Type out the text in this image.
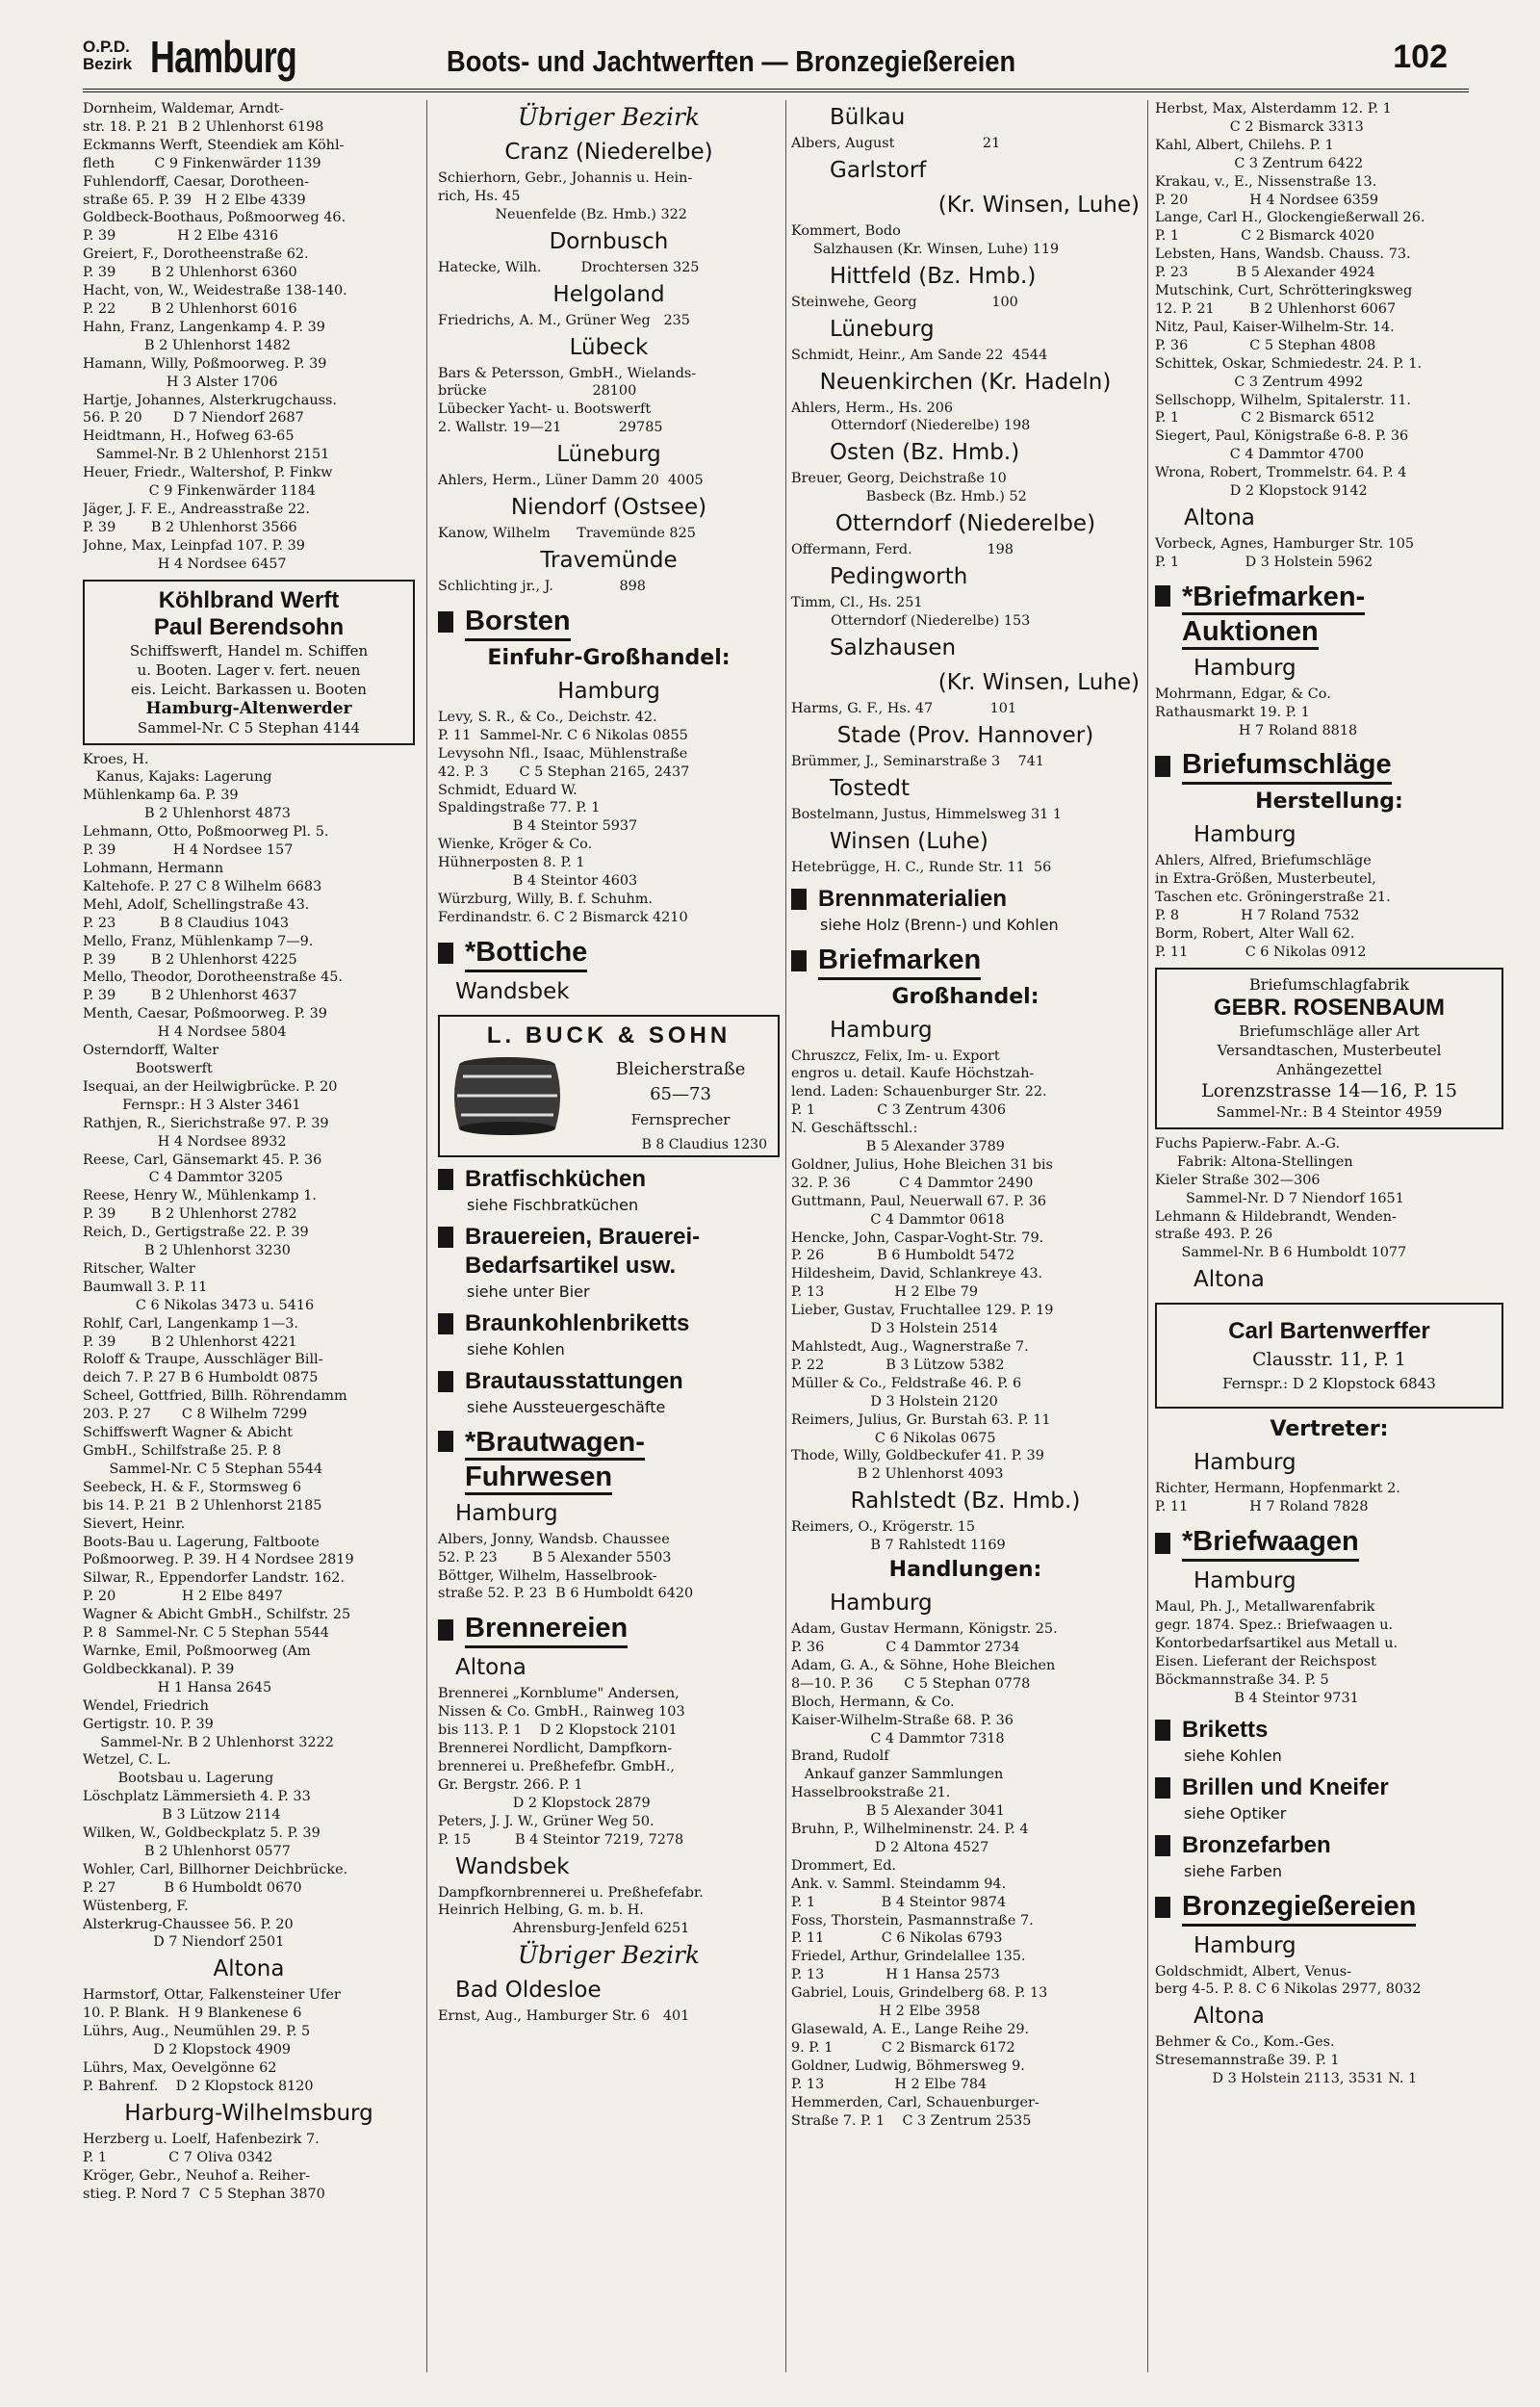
O.P.D.
Bezirk Hamburg	Boots- und Jachtwerften — Bronzegießereien	102
Dornheim, Waldemar, Arndt-
str. 18. P. 21  B 2 Uhlenhorst 6198
Eckmanns Werft, Steendiek am Köhl-
fleth         C 9 Finkenwärder 1139
Fuhlendorff, Caesar, Dorotheen-
straße 65. P. 39   H 2 Elbe 4339
Goldbeck-Boothaus, Poßmoorweg 46.
P. 39              H 2 Elbe 4316
Greiert, F., Dorotheenstraße 62.
P. 39        B 2 Uhlenhorst 6360
Hacht, von, W., Weidestraße 138-140.
P. 22        B 2 Uhlenhorst 6016
Hahn, Franz, Langenkamp 4. P. 39
B 2 Uhlenhorst 1482
Hamann, Willy, Poßmoorweg. P. 39
H 3 Alster 1706
Hartje, Johannes, Alsterkrugchauss.
56. P. 20       D 7 Niendorf 2687
Heidtmann, H., Hofweg 63-65
Sammel-Nr. B 2 Uhlenhorst 2151
Heuer, Friedr., Waltershof, P. Finkw
C 9 Finkenwärder 1184
Jäger, J. F. E., Andreasstraße 22.
P. 39        B 2 Uhlenhorst 3566
Johne, Max, Leinpfad 107. P. 39
H 4 Nordsee 6457
Köhlbrand Werft
Paul Berendsohn
Schiffswerft, Handel m. Schiffen
u. Booten. Lager v. fert. neuen
eis. Leicht. Barkassen u. Booten
Hamburg-Altenwerder
Sammel-Nr. C 5 Stephan 4144
Kroes, H.
Kanus, Kajaks: Lagerung
Mühlenkamp 6a. P. 39
B 2 Uhlenhorst 4873
Lehmann, Otto, Poßmoorweg Pl. 5.
P. 39             H 4 Nordsee 157
Lohmann, Hermann
Kaltehofe. P. 27 C 8 Wilhelm 6683
Mehl, Adolf, Schellingstraße 43.
P. 23          B 8 Claudius 1043
Mello, Franz, Mühlenkamp 7—9.
P. 39        B 2 Uhlenhorst 4225
Mello, Theodor, Dorotheenstraße 45.
P. 39        B 2 Uhlenhorst 4637
Menth, Caesar, Poßmoorweg. P. 39
H 4 Nordsee 5804
Osterndorff, Walter
Bootswerft
Isequai, an der Heilwigbrücke. P. 20
Fernspr.: H 3 Alster 3461
Rathjen, R., Sierichstraße 97. P. 39
H 4 Nordsee 8932
Reese, Carl, Gänsemarkt 45. P. 36
C 4 Dammtor 3205
Reese, Henry W., Mühlenkamp 1.
P. 39        B 2 Uhlenhorst 2782
Reich, D., Gertigstraße 22. P. 39
B 2 Uhlenhorst 3230
Ritscher, Walter
Baumwall 3. P. 11
C 6 Nikolas 3473 u. 5416
Rohlf, Carl, Langenkamp 1—3.
P. 39        B 2 Uhlenhorst 4221
Roloff & Traupe, Ausschläger Bill-
deich 7. P. 27 B 6 Humboldt 0875
Scheel, Gottfried, Billh. Röhrendamm
203. P. 27       C 8 Wilhelm 7299
Schiffswerft Wagner & Abicht
GmbH., Schilfstraße 25. P. 8
Sammel-Nr. C 5 Stephan 5544
Seebeck, H. & F., Stormsweg 6
bis 14. P. 21  B 2 Uhlenhorst 2185
Sievert, Heinr.
Boots-Bau u. Lagerung, Faltboote
Poßmoorweg. P. 39. H 4 Nordsee 2819
Silwar, R., Eppendorfer Landstr. 162.
P. 20               H 2 Elbe 8497
Wagner & Abicht GmbH., Schilfstr. 25
P. 8  Sammel-Nr. C 5 Stephan 5544
Warnke, Emil, Poßmoorweg (Am
Goldbeckkanal). P. 39
H 1 Hansa 2645
Wendel, Friedrich
Gertigstr. 10. P. 39
Sammel-Nr. B 2 Uhlenhorst 3222
Wetzel, C. L.
Bootsbau u. Lagerung
Löschplatz Lämmersieth 4. P. 33
B 3 Lützow 2114
Wilken, W., Goldbeckplatz 5. P. 39
B 2 Uhlenhorst 0577
Wohler, Carl, Billhorner Deichbrücke.
P. 27           B 6 Humboldt 0670
Wüstenberg, F.
Alsterkrug-Chaussee 56. P. 20
D 7 Niendorf 2501
Altona
Harmstorf, Ottar, Falkensteiner Ufer
10. P. Blank.  H 9 Blankenese 6
Lührs, Aug., Neumühlen 29. P. 5
D 2 Klopstock 4909
Lührs, Max, Oevelgönne 62
P. Bahrenf.    D 2 Klopstock 8120
Harburg-Wilhelmsburg
Herzberg u. Loelf, Hafenbezirk 7.
P. 1              C 7 Oliva 0342
Kröger, Gebr., Neuhof a. Reiher-
stieg. P. Nord 7  C 5 Stephan 3870
Übriger Bezirk
Cranz (Niederelbe)
Schierhorn, Gebr., Johannis u. Hein-
rich, Hs. 45
Neuenfelde (Bz. Hmb.) 322
Dornbusch
Hatecke, Wilh.         Drochtersen 325
Helgoland
Friedrichs, A. M., Grüner Weg   235
Lübeck
Bars & Petersson, GmbH., Wielands-
brücke                        28100
Lübecker Yacht- u. Bootswerft
2. Wallstr. 19—21             29785
Lüneburg
Ahlers, Herm., Lüner Damm 20  4005
Niendorf (Ostsee)
Kanow, Wilhelm      Travemünde 825
Travemünde
Schlichting jr., J.               898
Borsten
Einfuhr-Großhandel:
Hamburg
Levy, S. R., & Co., Deichstr. 42.
P. 11  Sammel-Nr. C 6 Nikolas 0855
Levysohn Nfl., Isaac, Mühlenstraße
42. P. 3       C 5 Stephan 2165, 2437
Schmidt, Eduard W.
Spaldingstraße 77. P. 1
B 4 Steintor 5937
Wienke, Kröger & Co.
Hühnerposten 8. P. 1
B 4 Steintor 4603
Würzburg, Willy, B. f. Schuhm.
Ferdinandstr. 6. C 2 Bismarck 4210
*Bottiche
Wandsbek
L. BUCK & SOHN
Bleicherstraße
65—73
Fernsprecher
B 8 Claudius 1230
Bratfischküchen
siehe Fischbratküchen
Brauereien, Brauerei-
Bedarfsartikel usw.
siehe unter Bier
Braunkohlenbriketts
siehe Kohlen
Brautausstattungen
siehe Aussteuergeschäfte
*Brautwagen-
Fuhrwesen
Hamburg
Albers, Jonny, Wandsb. Chaussee
52. P. 23        B 5 Alexander 5503
Böttger, Wilhelm, Hasselbrook-
straße 52. P. 23  B 6 Humboldt 6420
Brennereien
Altona
Brennerei „Kornblume" Andersen,
Nissen & Co. GmbH., Rainweg 103
bis 113. P. 1    D 2 Klopstock 2101
Brennerei Nordlicht, Dampfkorn-
brennerei u. Preßhefefbr. GmbH.,
Gr. Bergstr. 266. P. 1
D 2 Klopstock 2879
Peters, J. J. W., Grüner Weg 50.
P. 15          B 4 Steintor 7219, 7278
Wandsbek
Dampfkornbrennerei u. Preßhefefabr.
Heinrich Helbing, G. m. b. H.
Ahrensburg-Jenfeld 6251
Übriger Bezirk
Bad Oldesloe
Ernst, Aug., Hamburger Str. 6   401
Bülkau
Albers, August                    21
Garlstorf
(Kr. Winsen, Luhe)
Kommert, Bodo
Salzhausen (Kr. Winsen, Luhe) 119
Hittfeld (Bz. Hmb.)
Steinwehe, Georg                 100
Lüneburg
Schmidt, Heinr., Am Sande 22  4544
Neuenkirchen (Kr. Hadeln)
Ahlers, Herm., Hs. 206
Otterndorf (Niederelbe) 198
Osten (Bz. Hmb.)
Breuer, Georg, Deichstraße 10
Basbeck (Bz. Hmb.) 52
Otterndorf (Niederelbe)
Offermann, Ferd.                 198
Pedingworth
Timm, Cl., Hs. 251
Otterndorf (Niederelbe) 153
Salzhausen
(Kr. Winsen, Luhe)
Harms, G. F., Hs. 47             101
Stade (Prov. Hannover)
Brümmer, J., Seminarstraße 3    741
Tostedt
Bostelmann, Justus, Himmelsweg 31 1
Winsen (Luhe)
Hetebrügge, H. C., Runde Str. 11  56
Brennmaterialien
siehe Holz (Brenn-) und Kohlen
Briefmarken
Großhandel:
Hamburg
Chruszcz, Felix, Im- u. Export
engros u. detail. Kaufe Höchstzah-
lend. Laden: Schauenburger Str. 22.
P. 1              C 3 Zentrum 4306
N. Geschäftsschl.:
B 5 Alexander 3789
Goldner, Julius, Hohe Bleichen 31 bis
32. P. 36           C 4 Dammtor 2490
Guttmann, Paul, Neuerwall 67. P. 36
C 4 Dammtor 0618
Hencke, John, Caspar-Voght-Str. 79.
P. 26            B 6 Humboldt 5472
Hildesheim, David, Schlankreye 43.
P. 13                H 2 Elbe 79
Lieber, Gustav, Fruchtallee 129. P. 19
D 3 Holstein 2514
Mahlstedt, Aug., Wagnerstraße 7.
P. 22              B 3 Lützow 5382
Müller & Co., Feldstraße 46. P. 6
D 3 Holstein 2120
Reimers, Julius, Gr. Burstah 63. P. 11
C 6 Nikolas 0675
Thode, Willy, Goldbeckufer 41. P. 39
B 2 Uhlenhorst 4093
Rahlstedt (Bz. Hmb.)
Reimers, O., Krögerstr. 15
B 7 Rahlstedt 1169
Handlungen:
Hamburg
Adam, Gustav Hermann, Königstr. 25.
P. 36              C 4 Dammtor 2734
Adam, G. A., & Söhne, Hohe Bleichen
8—10. P. 36       C 5 Stephan 0778
Bloch, Hermann, & Co.
Kaiser-Wilhelm-Straße 68. P. 36
C 4 Dammtor 7318
Brand, Rudolf
Ankauf ganzer Sammlungen
Hasselbrookstraße 21.
B 5 Alexander 3041
Bruhn, P., Wilhelminenstr. 24. P. 4
D 2 Altona 4527
Drommert, Ed.
Ank. v. Samml. Steindamm 94.
P. 1               B 4 Steintor 9874
Foss, Thorstein, Pasmannstraße 7.
P. 11             C 6 Nikolas 6793
Friedel, Arthur, Grindelallee 135.
P. 13              H 1 Hansa 2573
Gabriel, Louis, Grindelberg 68. P. 13
H 2 Elbe 3958
Glasewald, A. E., Lange Reihe 29.
9. P. 1           C 2 Bismarck 6172
Goldner, Ludwig, Böhmersweg 9.
P. 13                H 2 Elbe 784
Hemmerden, Carl, Schauenburger-
Straße 7. P. 1    C 3 Zentrum 2535
Herbst, Max, Alsterdamm 12. P. 1
C 2 Bismarck 3313
Kahl, Albert, Chilehs. P. 1
C 3 Zentrum 6422
Krakau, v., E., Nissenstraße 13.
P. 20              H 4 Nordsee 6359
Lange, Carl H., Glockengießerwall 26.
P. 1              C 2 Bismarck 4020
Lebsten, Hans, Wandsb. Chauss. 73.
P. 23           B 5 Alexander 4924
Mutschink, Curt, Schrötteringksweg
12. P. 21        B 2 Uhlenhorst 6067
Nitz, Paul, Kaiser-Wilhelm-Str. 14.
P. 36              C 5 Stephan 4808
Schittek, Oskar, Schmiedestr. 24. P. 1.
C 3 Zentrum 4992
Sellschopp, Wilhelm, Spitalerstr. 11.
P. 1              C 2 Bismarck 6512
Siegert, Paul, Königstraße 6-8. P. 36
C 4 Dammtor 4700
Wrona, Robert, Trommelstr. 64. P. 4
D 2 Klopstock 9142
Altona
Vorbeck, Agnes, Hamburger Str. 105
P. 1               D 3 Holstein 5962
*Briefmarken-
Auktionen
Hamburg
Mohrmann, Edgar, & Co.
Rathausmarkt 19. P. 1
H 7 Roland 8818
Briefumschläge
Herstellung:
Hamburg
Ahlers, Alfred, Briefumschläge
in Extra-Größen, Musterbeutel,
Taschen etc. Gröningerstraße 21.
P. 8              H 7 Roland 7532
Borm, Robert, Alter Wall 62.
P. 11             C 6 Nikolas 0912
Briefumschlagfabrik
GEBR. ROSENBAUM
Briefumschläge aller Art
Versandtaschen, Musterbeutel
Anhängezettel
Lorenzstrasse 14—16, P. 15
Sammel-Nr.: B 4 Steintor 4959
Fuchs Papierw.-Fabr. A.-G.
Fabrik: Altona-Stellingen
Kieler Straße 302—306
Sammel-Nr. D 7 Niendorf 1651
Lehmann & Hildebrandt, Wenden-
straße 493. P. 26
Sammel-Nr. B 6 Humboldt 1077
Altona
Carl Bartenwerffer
Clausstr. 11, P. 1
Fernspr.: D 2 Klopstock 6843
Vertreter:
Hamburg
Richter, Hermann, Hopfenmarkt 2.
P. 11              H 7 Roland 7828
*Briefwaagen
Hamburg
Maul, Ph. J., Metallwarenfabrik
gegr. 1874. Spez.: Briefwaagen u.
Kontorbedarfsartikel aus Metall u.
Eisen. Lieferant der Reichspost
Böckmannstraße 34. P. 5
B 4 Steintor 9731
Briketts
siehe Kohlen
Brillen und Kneifer
siehe Optiker
Bronzefarben
siehe Farben
Bronzegießereien
Hamburg
Goldschmidt, Albert, Venus-
berg 4-5. P. 8. C 6 Nikolas 2977, 8032
Altona
Behmer & Co., Kom.-Ges.
Stresemannstraße 39. P. 1
D 3 Holstein 2113, 3531 N. 1
